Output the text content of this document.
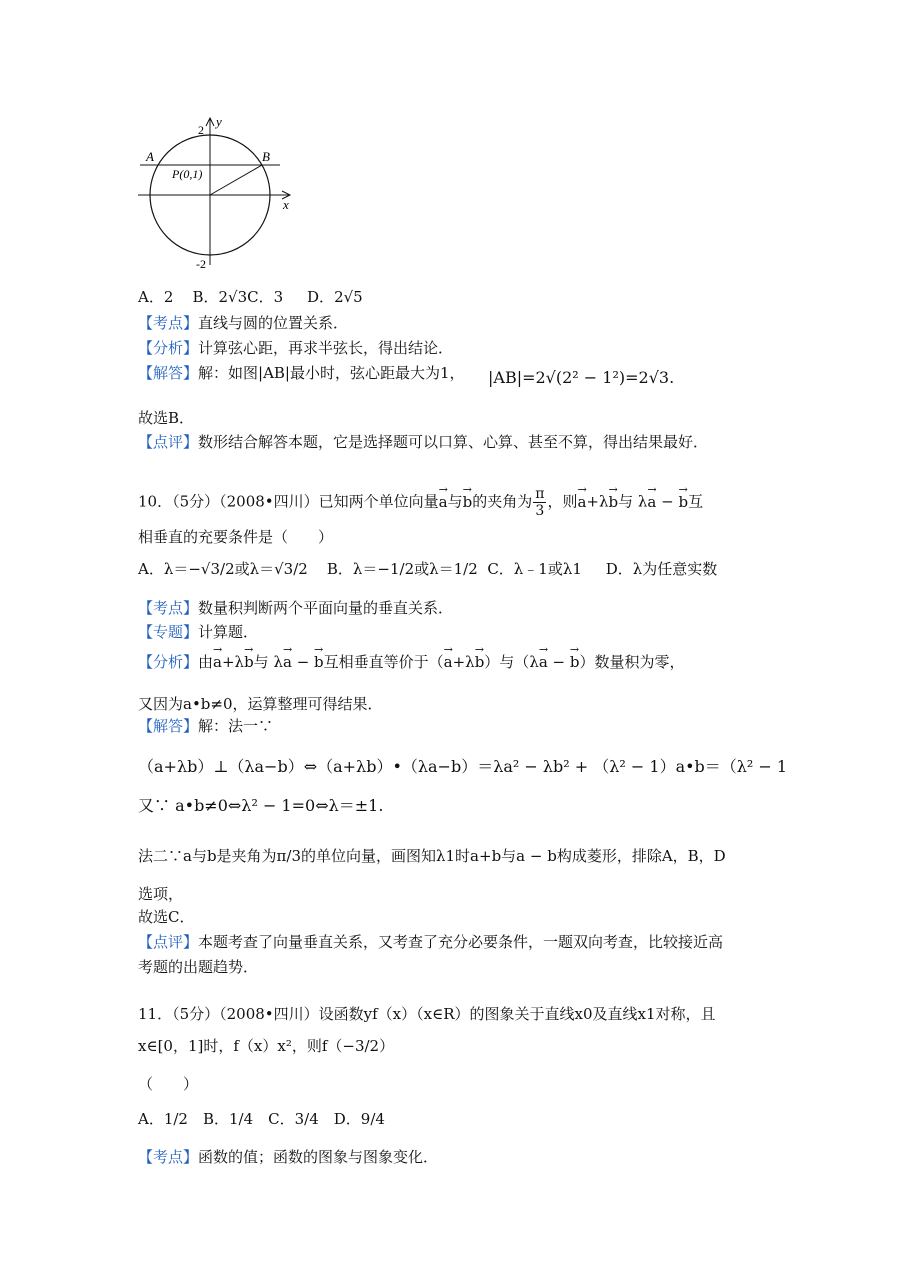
y
x
2
-2
A	B
P(0,1)
A．2 B．2√3C．3 D．2√5
【考点】直线与圆的位置关系．
【分析】计算弦心距，再求半弦长，得出结论．
【解答】解：如图|AB|最小时，弦心距最大为1， |AB|=2√(2² − 1²)=2√3.
故选B．
【点评】数形结合解答本题，它是选择题可以口算、心算、甚至不算，得出结果最好．
10．（5分）（2008•四川）已知两个单位向量→ a与→ b的夹角为 $\frac{\pi}{3}$ ，则→ a+λ→ b与 λ→ a − → b互
相垂直的充要条件是（　　）
A．λ＝−√3/2或λ＝√3/2 B．λ＝−1/2或λ＝1/2 C．λ﹣1或λ1 D．λ为任意实数
【考点】数量积判断两个平面向量的垂直关系．
【专题】计算题．
【分析】由→ a+λ→ b与 λ→ a − → b互相垂直等价于（→ a+λ→ b）与（λ→ a − → b）数量积为零，
又因为a•b≠0，运算整理可得结果．
【解答】解：法一∵
（a+λb）⊥（λa−b）⇔（a+λb）•（λa−b）＝λa² − λb² + （λ² − 1）a•b＝（λ² − 1
又∵ a•b≠0⇔λ² − 1=0⇔λ＝±1.
法二∵a与b是夹角为π/3的单位向量，画图知λ1时a+b与a − b构成菱形，排除A，B，D
选项，
故选C．
【点评】本题考查了向量垂直关系，又考查了充分必要条件，一题双向考查，比较接近高
考题的出题趋势．
11．（5分）（2008•四川）设函数yf（x）（x∈R）的图象关于直线x0及直线x1对称，且
x∈[0，1]时，f（x）x²，则f（−3/2）
（　　）
A．1/2　B．1/4　C．3/4　D．9/4
【考点】函数的值；函数的图象与图象变化．
